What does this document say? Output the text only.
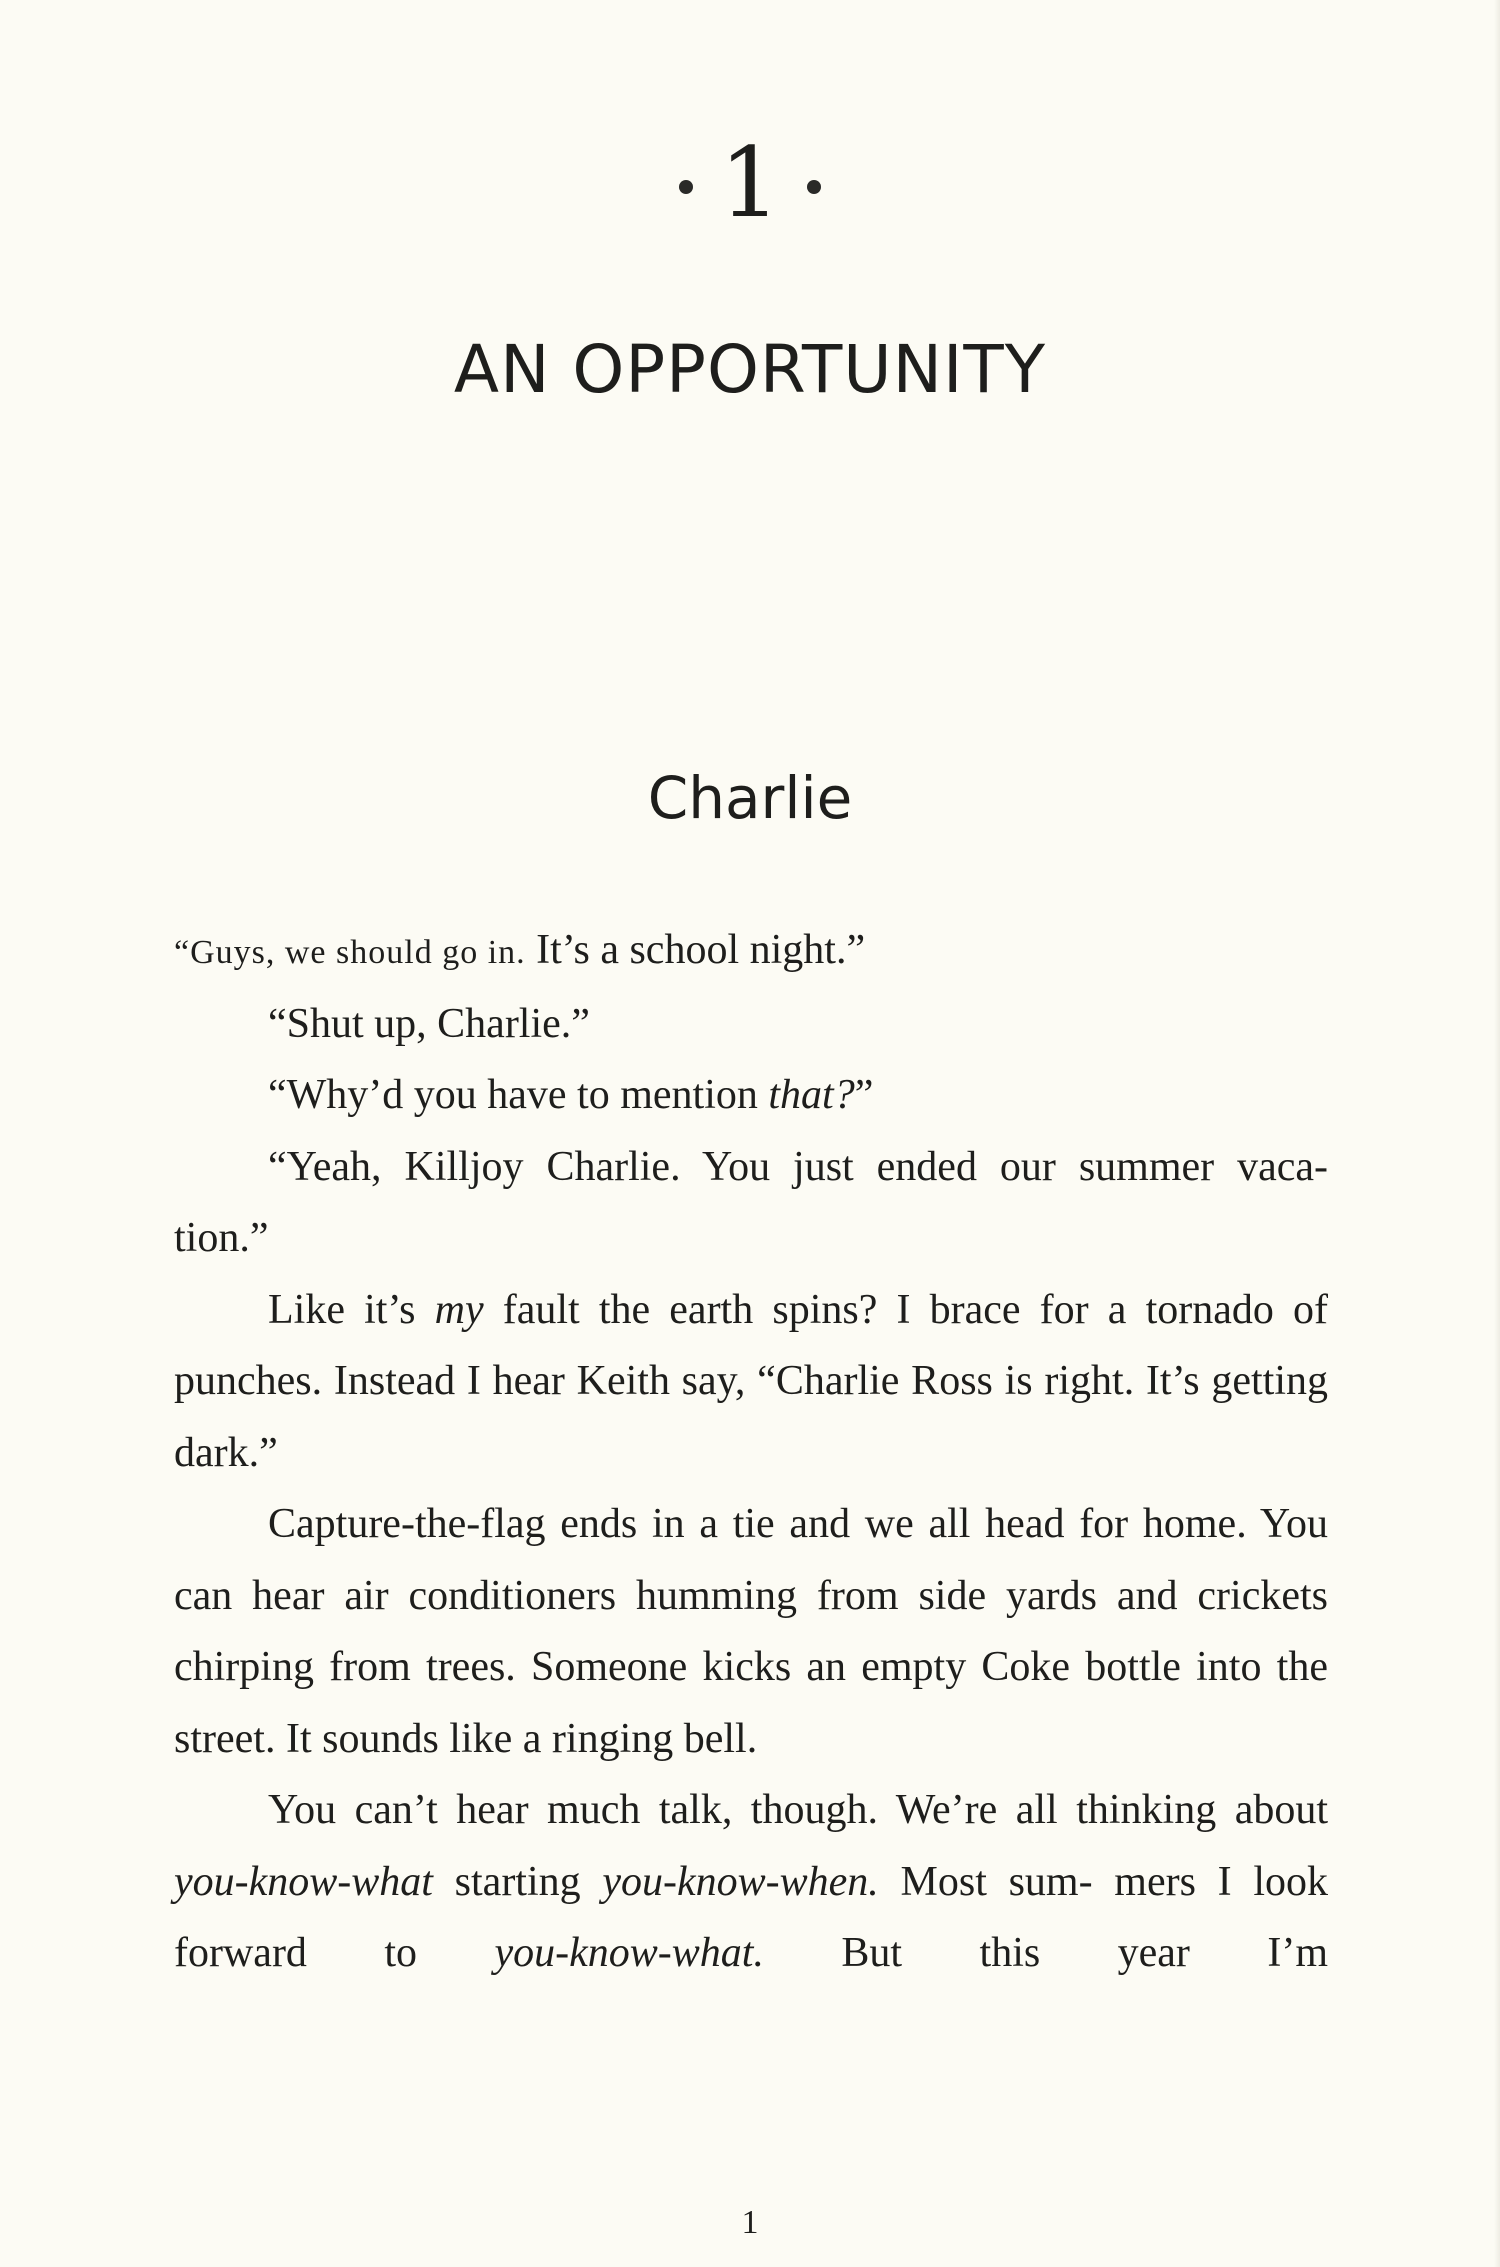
1
AN OPPORTUNITY
Charlie

“Guys, we should go in. It’s a school night.”

“Shut up, Charlie.”

“Why’d you have to mention that?”

“Yeah, Killjoy Charlie. You just ended our summer vaca- tion.”

Like it’s my fault the earth spins? I brace for a tornado of punches. Instead I hear Keith say, “Charlie Ross is right. It’s getting dark.”

Capture-the-flag ends in a tie and we all head for home. You can hear air conditioners humming from side yards and crickets chirping from trees. Someone kicks an empty Coke bottle into the street. It sounds like a ringing bell.

You can’t hear much talk, though. We’re all thinking about you-know-what starting you-know-when. Most sum- mers I look forward to you-know-what. But this year I’m

1
